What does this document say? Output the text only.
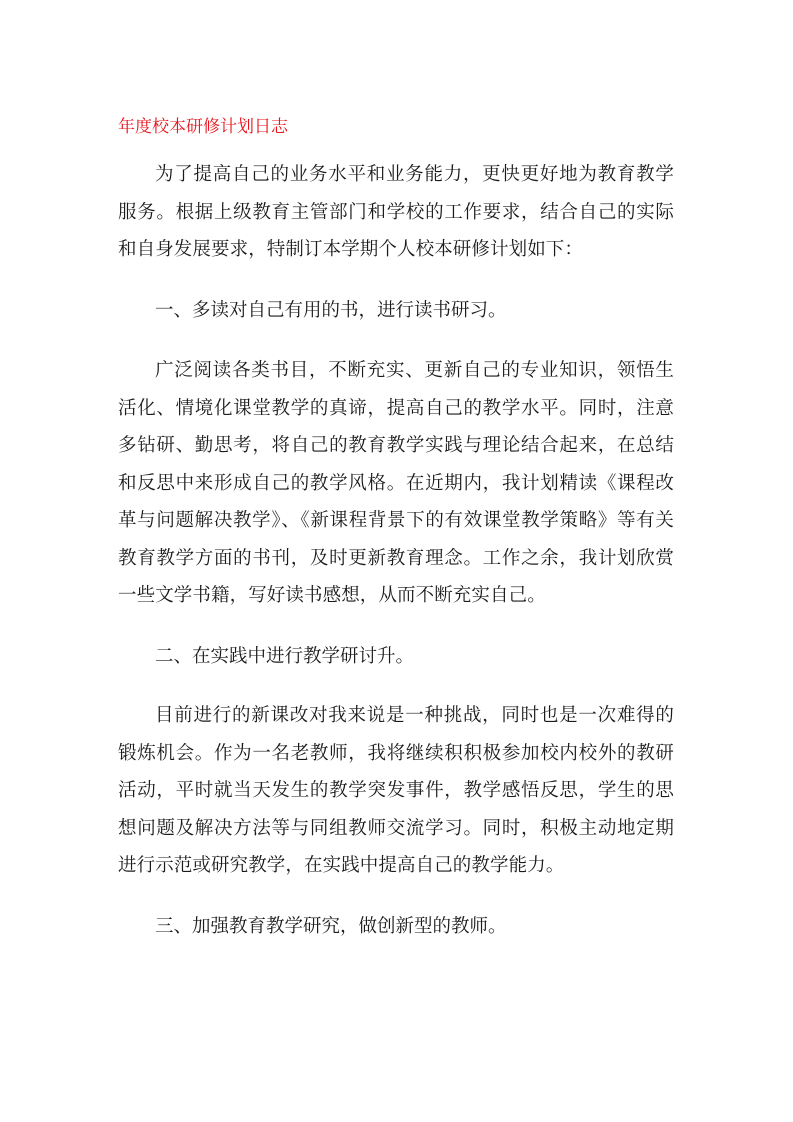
年度校本研修计划日志

为了提高自己的业务水平和业务能力，更快更好地为教育教学服务。根据上级教育主管部门和学校的工作要求，结合自己的实际和自身发展要求，特制订本学期个人校本研修计划如下：

一、多读对自己有用的书，进行读书研习。

广泛阅读各类书目，不断充实、更新自己的专业知识，领悟生活化、情境化课堂教学的真谛，提高自己的教学水平。同时，注意多钻研、勤思考，将自己的教育教学实践与理论结合起来，在总结和反思中来形成自己的教学风格。在近期内，我计划精读《课程改革与问题解决教学》、《新课程背景下的有效课堂教学策略》等有关教育教学方面的书刊，及时更新教育理念。工作之余，我计划欣赏一些文学书籍，写好读书感想，从而不断充实自己。

二、在实践中进行教学研讨升。

目前进行的新课改对我来说是一种挑战，同时也是一次难得的锻炼机会。作为一名老教师，我将继续积积极参加校内校外的教研活动，平时就当天发生的教学突发事件，教学感悟反思，学生的思想问题及解决方法等与同组教师交流学习。同时，积极主动地定期进行示范或研究教学，在实践中提高自己的教学能力。

三、加强教育教学研究，做创新型的教师。
